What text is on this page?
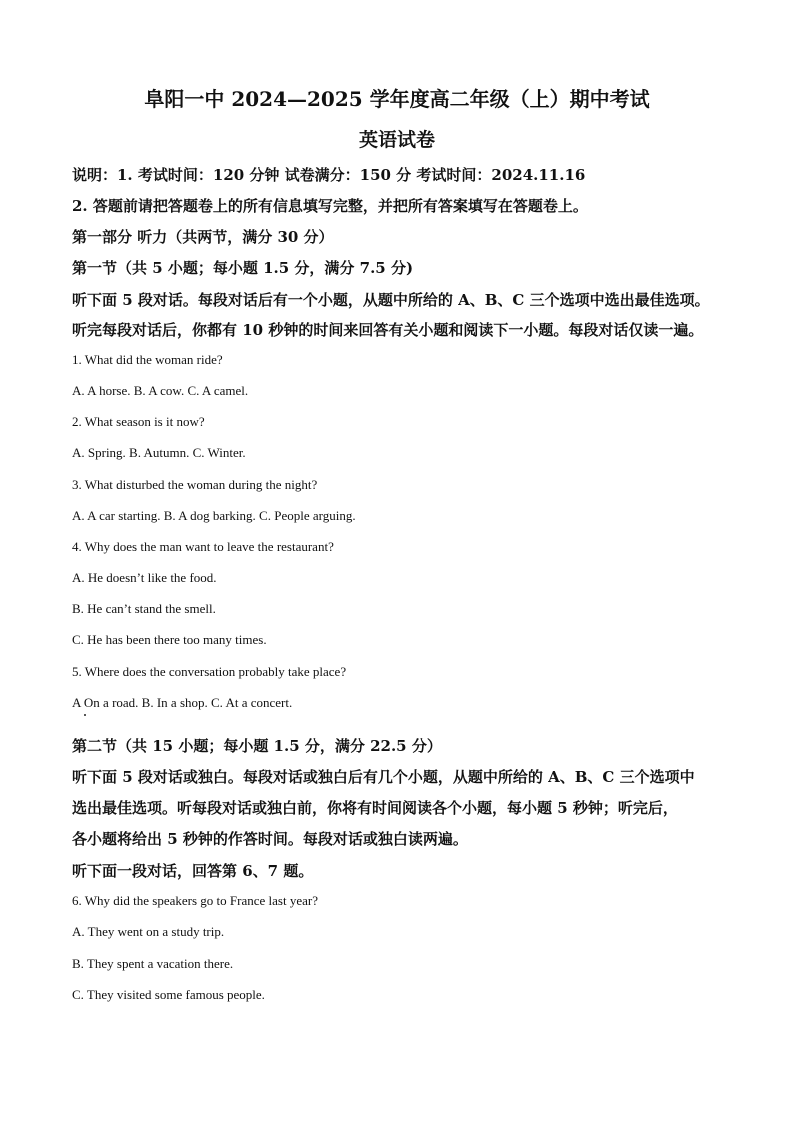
阜阳一中 2024—2025 学年度高二年级（上）期中考试
英语试卷
说明：1. 考试时间：120 分钟 试卷满分：150 分 考试时间：2024.11.16
2. 答题前请把答题卷上的所有信息填写完整，并把所有答案填写在答题卷上。
第一部分 听力（共两节，满分 30 分）
第一节（共 5 小题；每小题 1.5 分，满分 7.5 分)
听下面 5 段对话。每段对话后有一个小题，从题中所给的 A、B、C 三个选项中选出最佳选项。
听完每段对话后，你都有 10 秒钟的时间来回答有关小题和阅读下一小题。每段对话仅读一遍。
1. What did the woman ride?
A. A horse. B. A cow. C. A camel.
2. What season is it now?
A. Spring. B. Autumn. C. Winter.
3. What disturbed the woman during the night?
A. A car starting. B. A dog barking. C. People arguing.
4. Why does the man want to leave the restaurant?
A. He doesn’t like the food.
B. He can’t stand the smell.
C. He has been there too many times.
5. Where does the conversation probably take place?
A On a road. B. In a shop. C. At a concert.
第二节（共 15 小题；每小题 1.5 分，满分 22.5 分）
听下面 5 段对话或独白。每段对话或独白后有几个小题，从题中所给的 A、B、C 三个选项中
选出最佳选项。听每段对话或独白前，你将有时间阅读各个小题，每小题 5 秒钟；听完后，
各小题将给出 5 秒钟的作答时间。每段对话或独白读两遍。
听下面一段对话，回答第 6、7 题。
6. Why did the speakers go to France last year?
A. They went on a study trip.
B. They spent a vacation there.
C. They visited some famous people.
